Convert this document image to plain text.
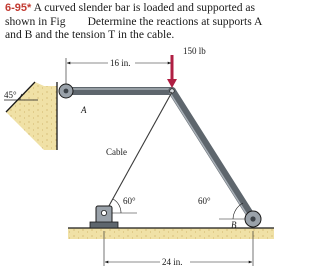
6-95* A curved slender bar is loaded and supported as
shown in Fig Determine the reactions at supports A
and B and the tension T in the cable.
A
150 lb
16 in.
Cable
60°	60°
B
24 in.
45°
